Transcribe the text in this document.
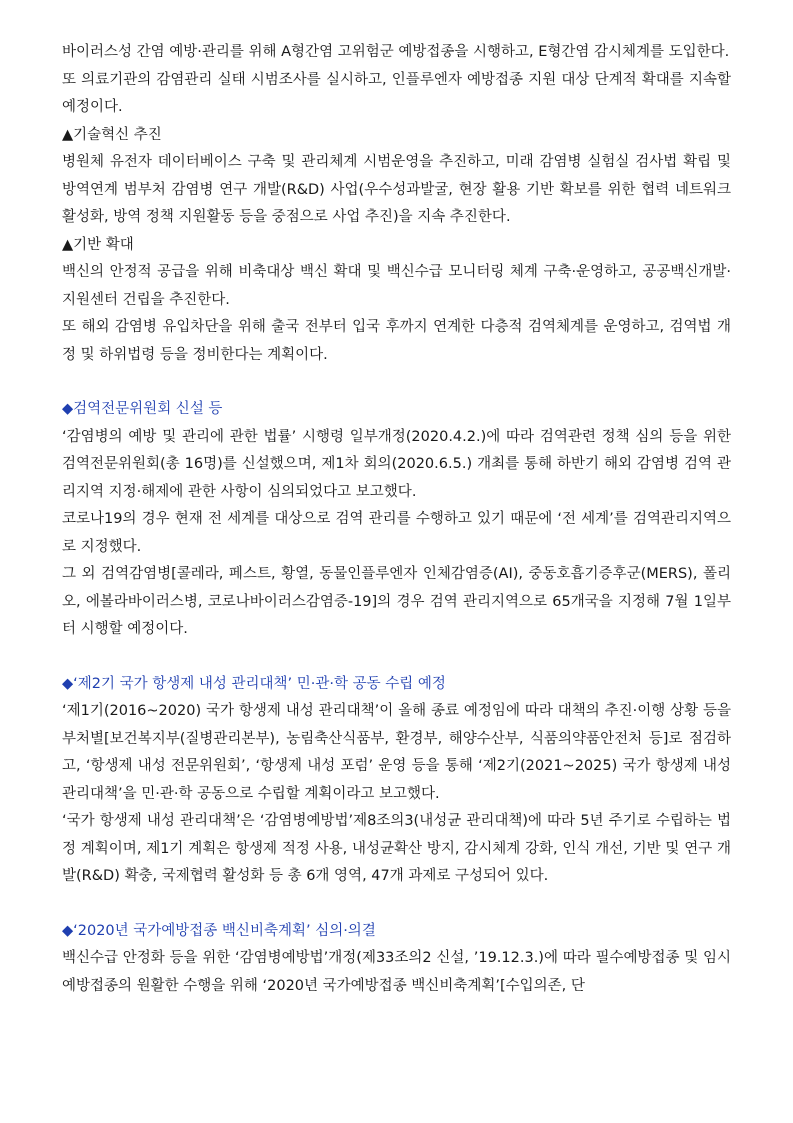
바이러스성 간염 예방·관리를 위해 A형간염 고위험군 예방접종을 시행하고, E형간염 감시체계를 도입한다.

또 의료기관의 감염관리 실태 시범조사를 실시하고, 인플루엔자 예방접종 지원 대상 단계적 확대를 지속할 예정이다.

▲기술혁신 추진

병원체 유전자 데이터베이스 구축 및 관리체계 시범운영을 추진하고, 미래 감염병 실험실 검사법 확립 및 방역연계 범부처 감염병 연구 개발(R&D) 사업(우수성과발굴, 현장 활용 기반 확보를 위한 협력 네트워크 활성화, 방역 정책 지원활동 등을 중점으로 사업 추진)을 지속 추진한다.

▲기반 확대

백신의 안정적 공급을 위해 비축대상 백신 확대 및 백신수급 모니터링 체계 구축·운영하고, 공공백신개발·지원센터 건립을 추진한다.

또 해외 감염병 유입차단을 위해 출국 전부터 입국 후까지 연계한 다층적 검역체계를 운영하고, 검역법 개정 및 하위법령 등을 정비한다는 계획이다.

◆검역전문위원회 신설 등

‘감염병의 예방 및 관리에 관한 법률’ 시행령 일부개정(2020.4.2.)에 따라 검역관련 정책 심의 등을 위한 검역전문위원회(총 16명)를 신설했으며, 제1차 회의(2020.6.5.) 개최를 통해 하반기 해외 감염병 검역 관리지역 지정·해제에 관한 사항이 심의되었다고 보고했다.

코로나19의 경우 현재 전 세계를 대상으로 검역 관리를 수행하고 있기 때문에 ‘전 세계’를 검역관리지역으로 지정했다.

그 외 검역감염병[콜레라, 페스트, 황열, 동물인플루엔자 인체감염증(AI), 중동호흡기증후군(MERS), 폴리오, 에볼라바이러스병, 코로나바이러스감염증-19]의 경우 검역 관리지역으로 65개국을 지정해 7월 1일부터 시행할 예정이다.

◆‘제2기 국가 항생제 내성 관리대책’ 민·관·학 공동 수립 예정

‘제1기(2016~2020) 국가 항생제 내성 관리대책’이 올해 종료 예정임에 따라 대책의 추진·이행 상황 등을 부처별[보건복지부(질병관리본부), 농림축산식품부, 환경부, 해양수산부, 식품의약품안전처 등]로 점검하고, ‘항생제 내성 전문위원회’, ‘항생제 내성 포럼’ 운영 등을 통해 ‘제2기(2021~2025) 국가 항생제 내성 관리대책’을 민·관·학 공동으로 수립할 계획이라고 보고했다.

‘국가 항생제 내성 관리대책’은 ‘감염병예방법’제8조의3(내성균 관리대책)에 따라 5년 주기로 수립하는 법정 계획이며, 제1기 계획은 항생제 적정 사용, 내성균확산 방지, 감시체계 강화, 인식 개선, 기반 및 연구 개발(R&D) 확충, 국제협력 활성화 등 총 6개 영역, 47개 과제로 구성되어 있다.

◆‘2020년 국가예방접종 백신비축계획’ 심의·의결

백신수급 안정화 등을 위한 ‘감염병예방법’개정(제33조의2 신설, ’19.12.3.)에 따라 필수예방접종 및 임시예방접종의 원활한 수행을 위해 ‘2020년 국가예방접종 백신비축계획’[수입의존, 단
